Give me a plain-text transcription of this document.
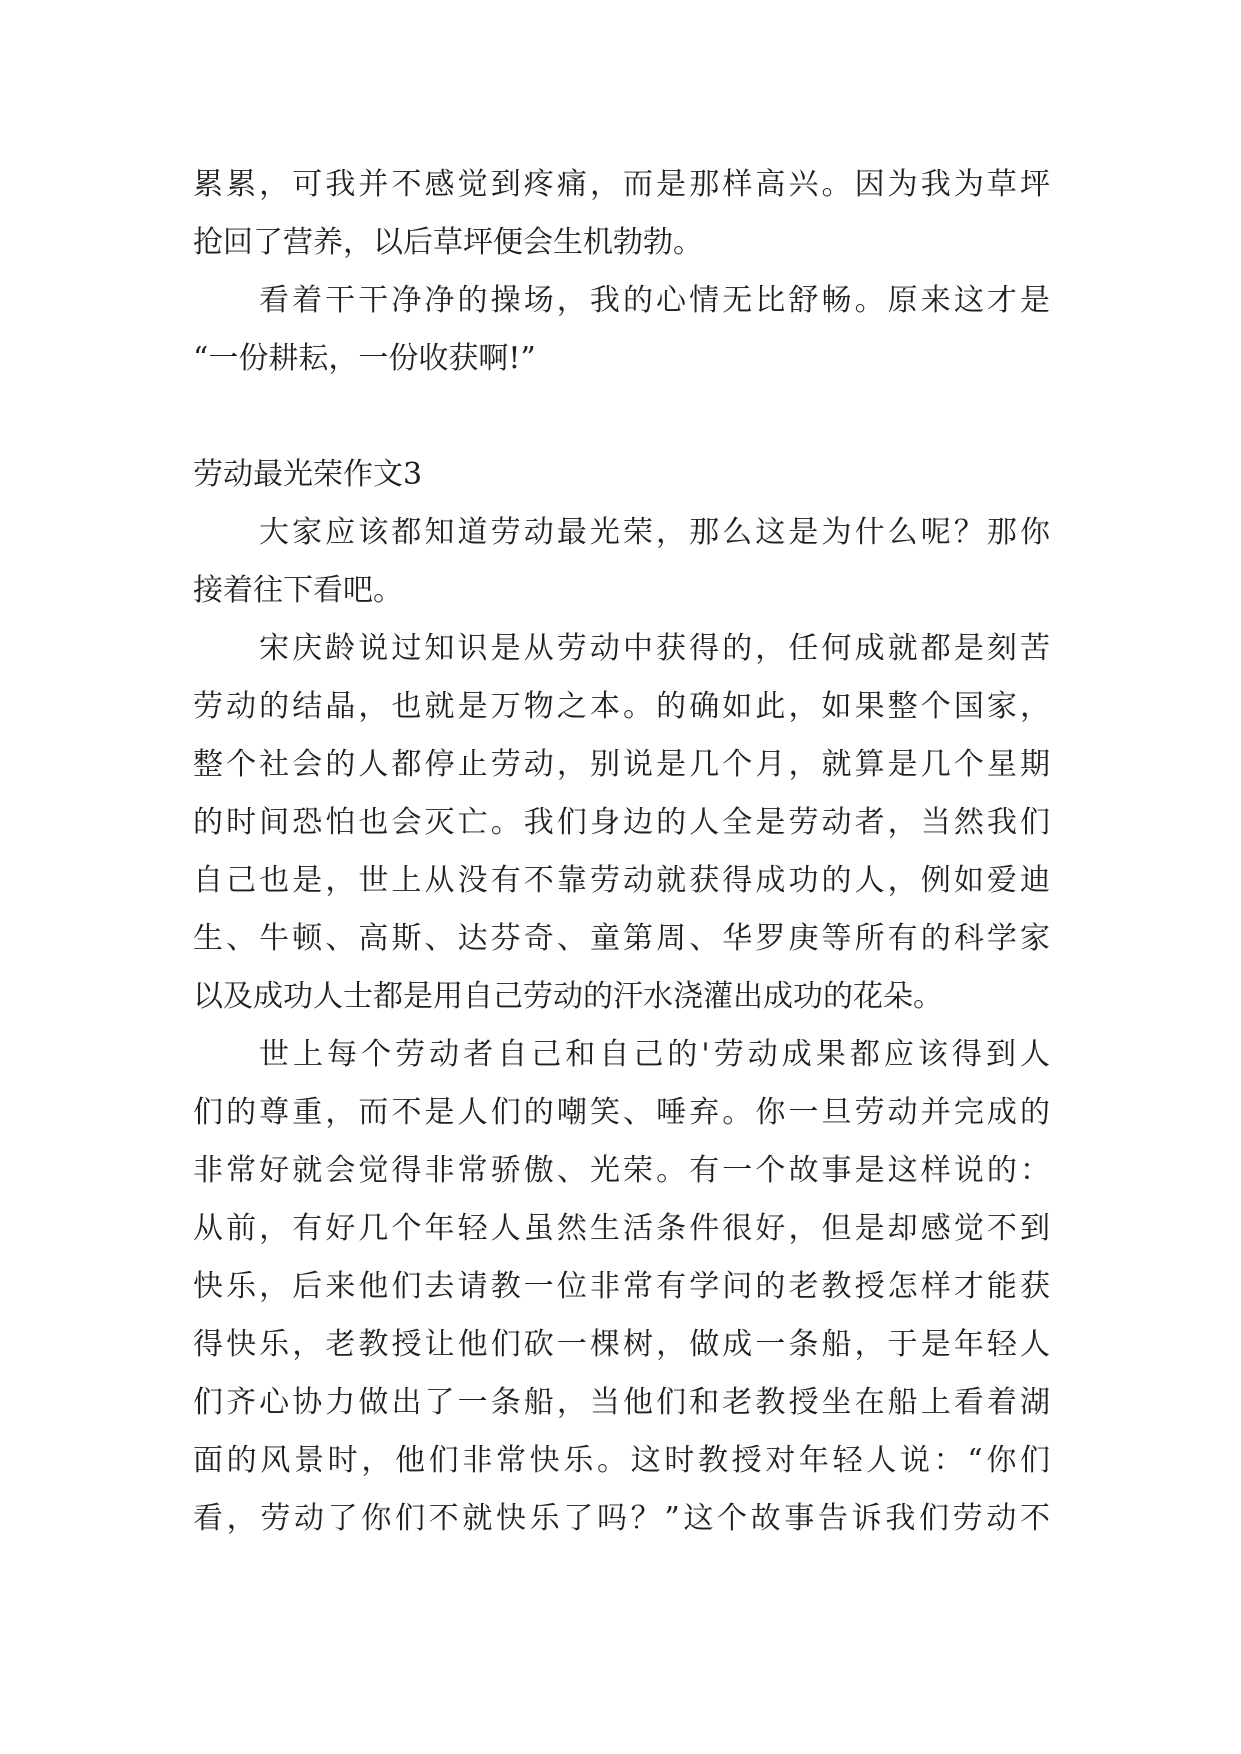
累累，可我并不感觉到疼痛，而是那样高兴。因为我为草坪
抢回了营养，以后草坪便会生机勃勃。
看着干干净净的操场，我的心情无比舒畅。原来这才是
“一份耕耘，一份收获啊!”
劳动最光荣作文3
大家应该都知道劳动最光荣，那么这是为什么呢？那你
接着往下看吧。
宋庆龄说过知识是从劳动中获得的，任何成就都是刻苦
劳动的结晶，也就是万物之本。的确如此，如果整个国家，
整个社会的人都停止劳动，别说是几个月，就算是几个星期
的时间恐怕也会灭亡。我们身边的人全是劳动者，当然我们
自己也是，世上从没有不靠劳动就获得成功的人，例如爱迪
生、牛顿、高斯、达芬奇、童第周、华罗庚等所有的科学家
以及成功人士都是用自己劳动的汗水浇灌出成功的花朵。
世上每个劳动者自己和自己的'劳动成果都应该得到人
们的尊重，而不是人们的嘲笑、唾弃。你一旦劳动并完成的
非常好就会觉得非常骄傲、光荣。有一个故事是这样说的：
从前，有好几个年轻人虽然生活条件很好，但是却感觉不到
快乐，后来他们去请教一位非常有学问的老教授怎样才能获
得快乐，老教授让他们砍一棵树，做成一条船，于是年轻人
们齐心协力做出了一条船，当他们和老教授坐在船上看着湖
面的风景时，他们非常快乐。这时教授对年轻人说：“你们
看，劳动了你们不就快乐了吗？”这个故事告诉我们劳动不
